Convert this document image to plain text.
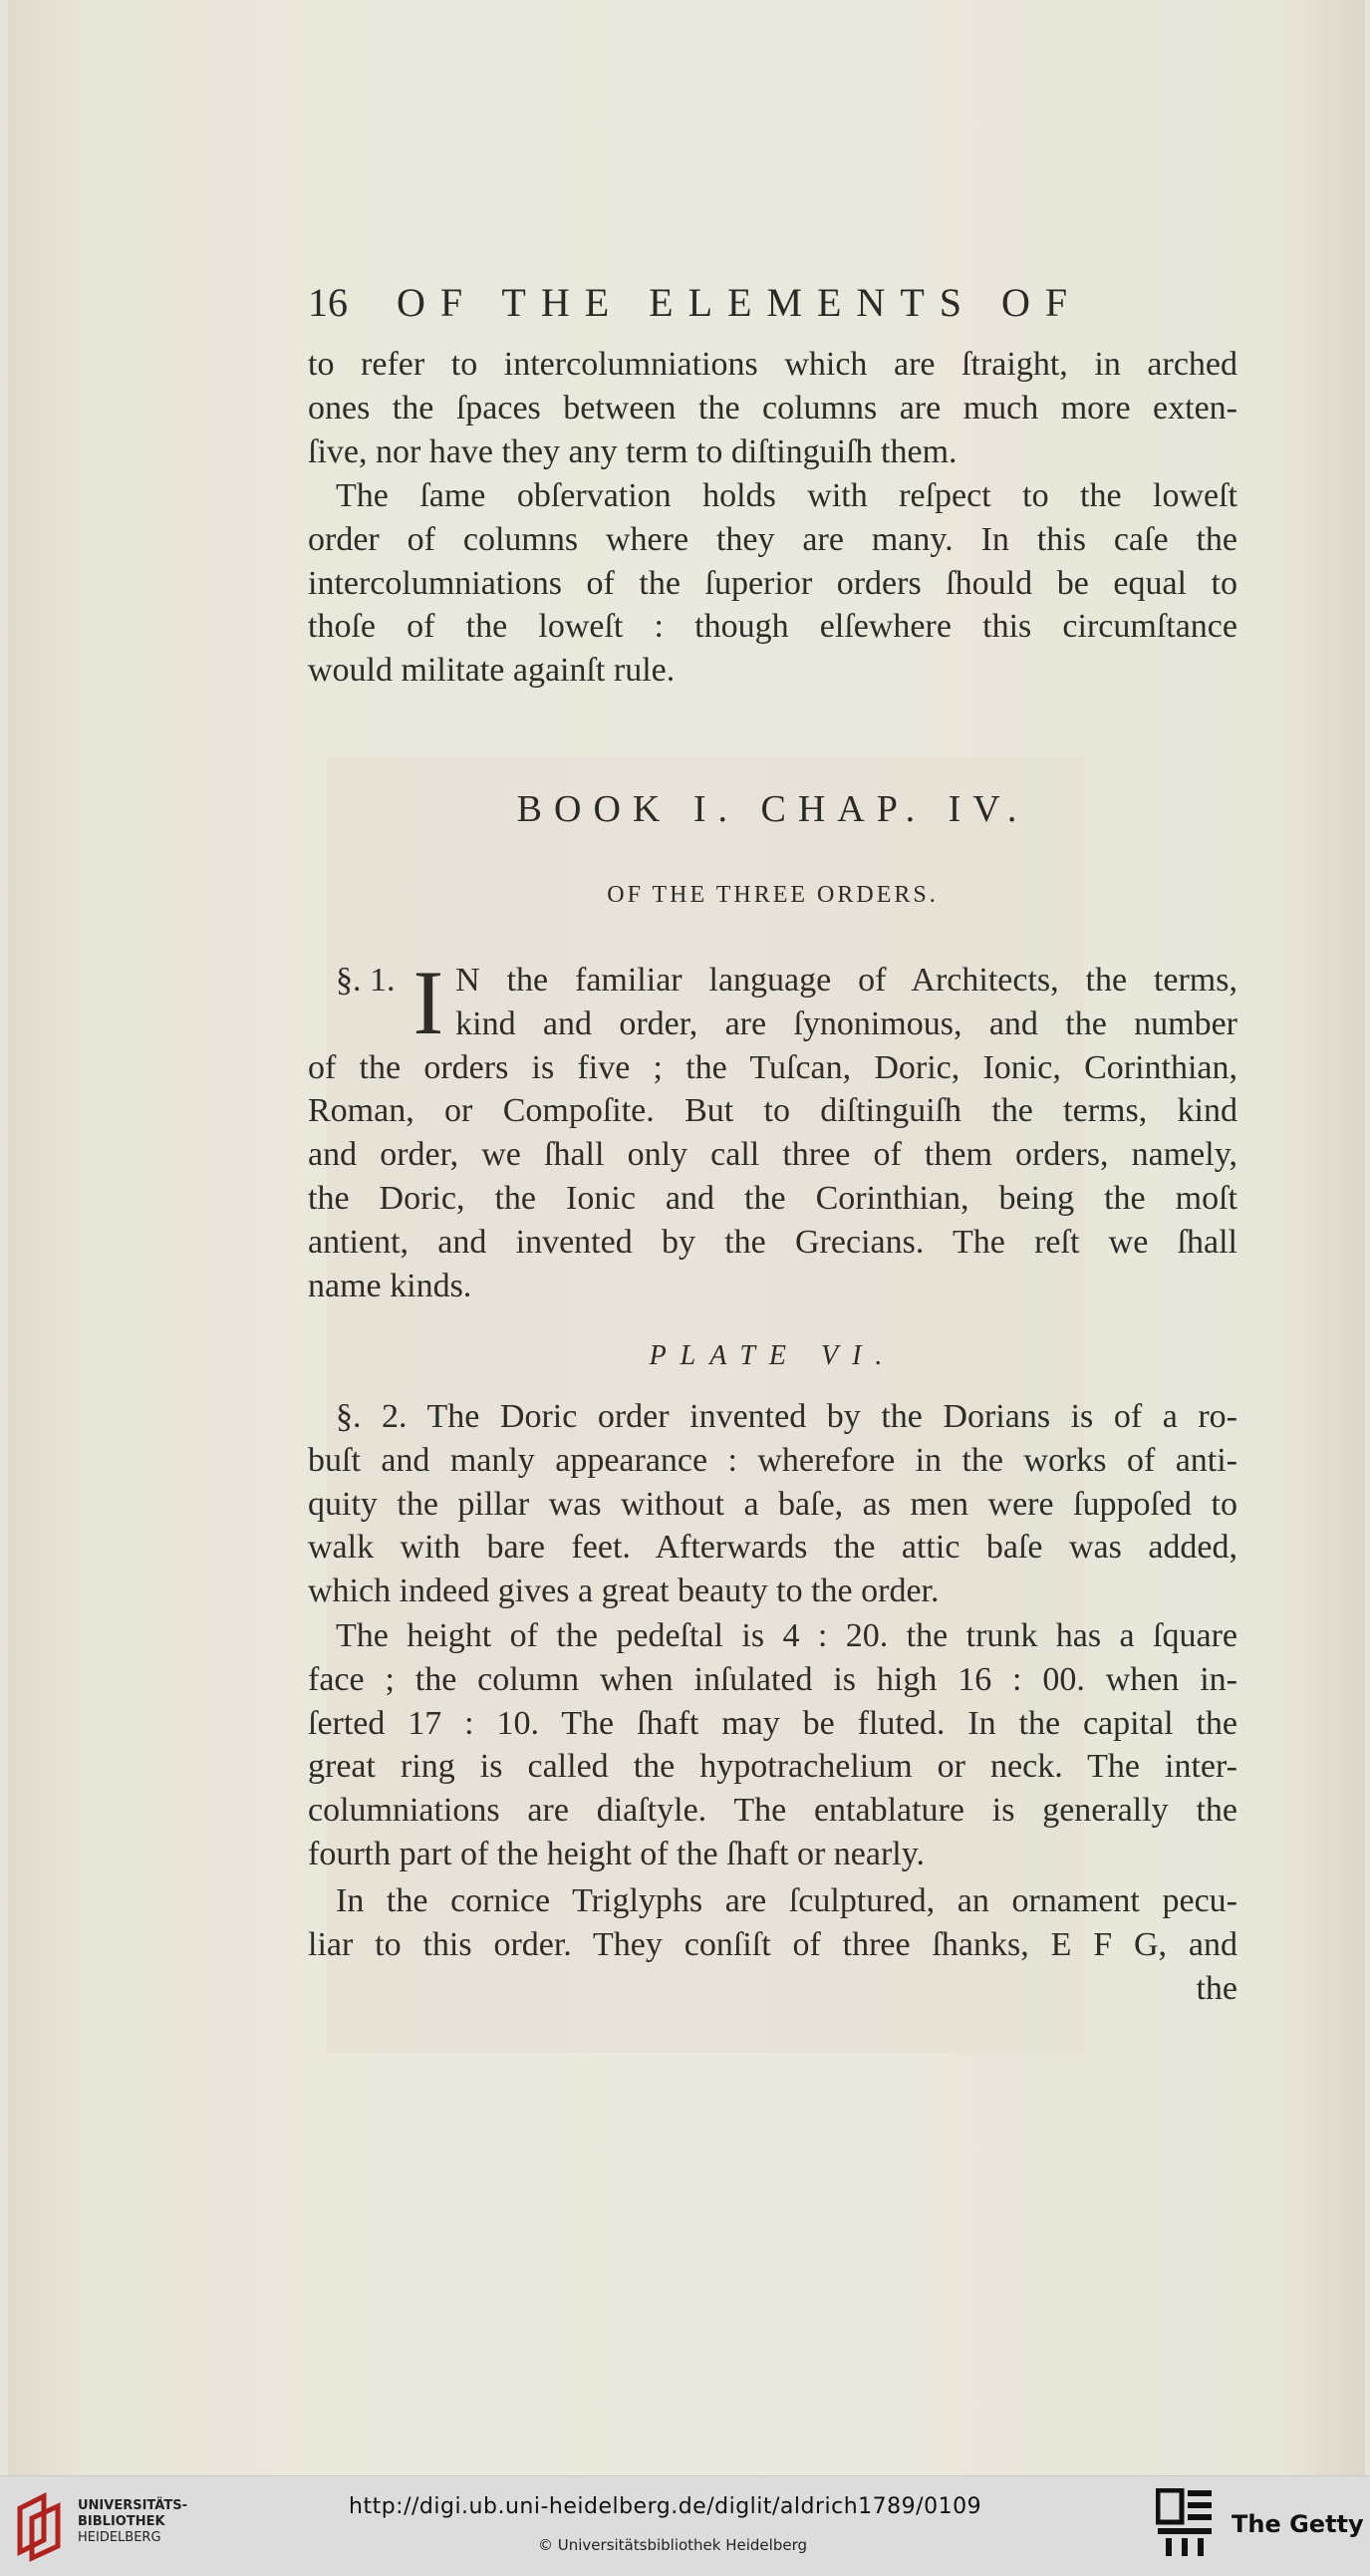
16 OF THE ELEMENTS OF
to refer to intercolumniations which are ſtraight, in arched
ones the ſpaces between the columns are much more exten-
ſive, nor have they any term to diſtinguiſh them.
The ſame obſervation holds with reſpect to the loweſt
order of columns where they are many. In this caſe the
intercolumniations of the ſuperior orders ſhould be equal to
thoſe of the loweſt : though elſewhere this circumſtance
would militate againſt rule.
BOOK I. CHAP. IV.
OF THE THREE ORDERS.
§. 1. I N the familiar language of Architects, the terms,
kind and order, are ſynonimous, and the number
of the orders is five ; the Tuſcan, Doric, Ionic, Corinthian,
Roman, or Compoſite. But to diſtinguiſh the terms, kind
and order, we ſhall only call three of them orders, namely,
the Doric, the Ionic and the Corinthian, being the moſt
antient, and invented by the Grecians. The reſt we ſhall
name kinds.
PLATE VI.
§. 2. The Doric order invented by the Dorians is of a ro-
buſt and manly appearance : wherefore in the works of anti-
quity the pillar was without a baſe, as men were ſuppoſed to
walk with bare feet. Afterwards the attic baſe was added,
which indeed gives a great beauty to the order.
The height of the pedeſtal is 4 : 20. the trunk has a ſquare
face ; the column when inſulated is high 16 : 00. when in-
ſerted 17 : 10. The ſhaft may be fluted. In the capital the
great ring is called the hypotrachelium or neck. The inter-
columniations are diaſtyle. The entablature is generally the
fourth part of the height of the ſhaft or nearly.
In the cornice Triglyphs are ſculptured, an ornament pecu-
liar to this order. They conſiſt of three ſhanks, E F G, and
the
UNIVERSITÄTS-
BIBLIOTHEK
HEIDELBERG
http://digi.ub.uni-heidelberg.de/diglit/aldrich1789/0109
© Universitätsbibliothek Heidelberg
The Getty
